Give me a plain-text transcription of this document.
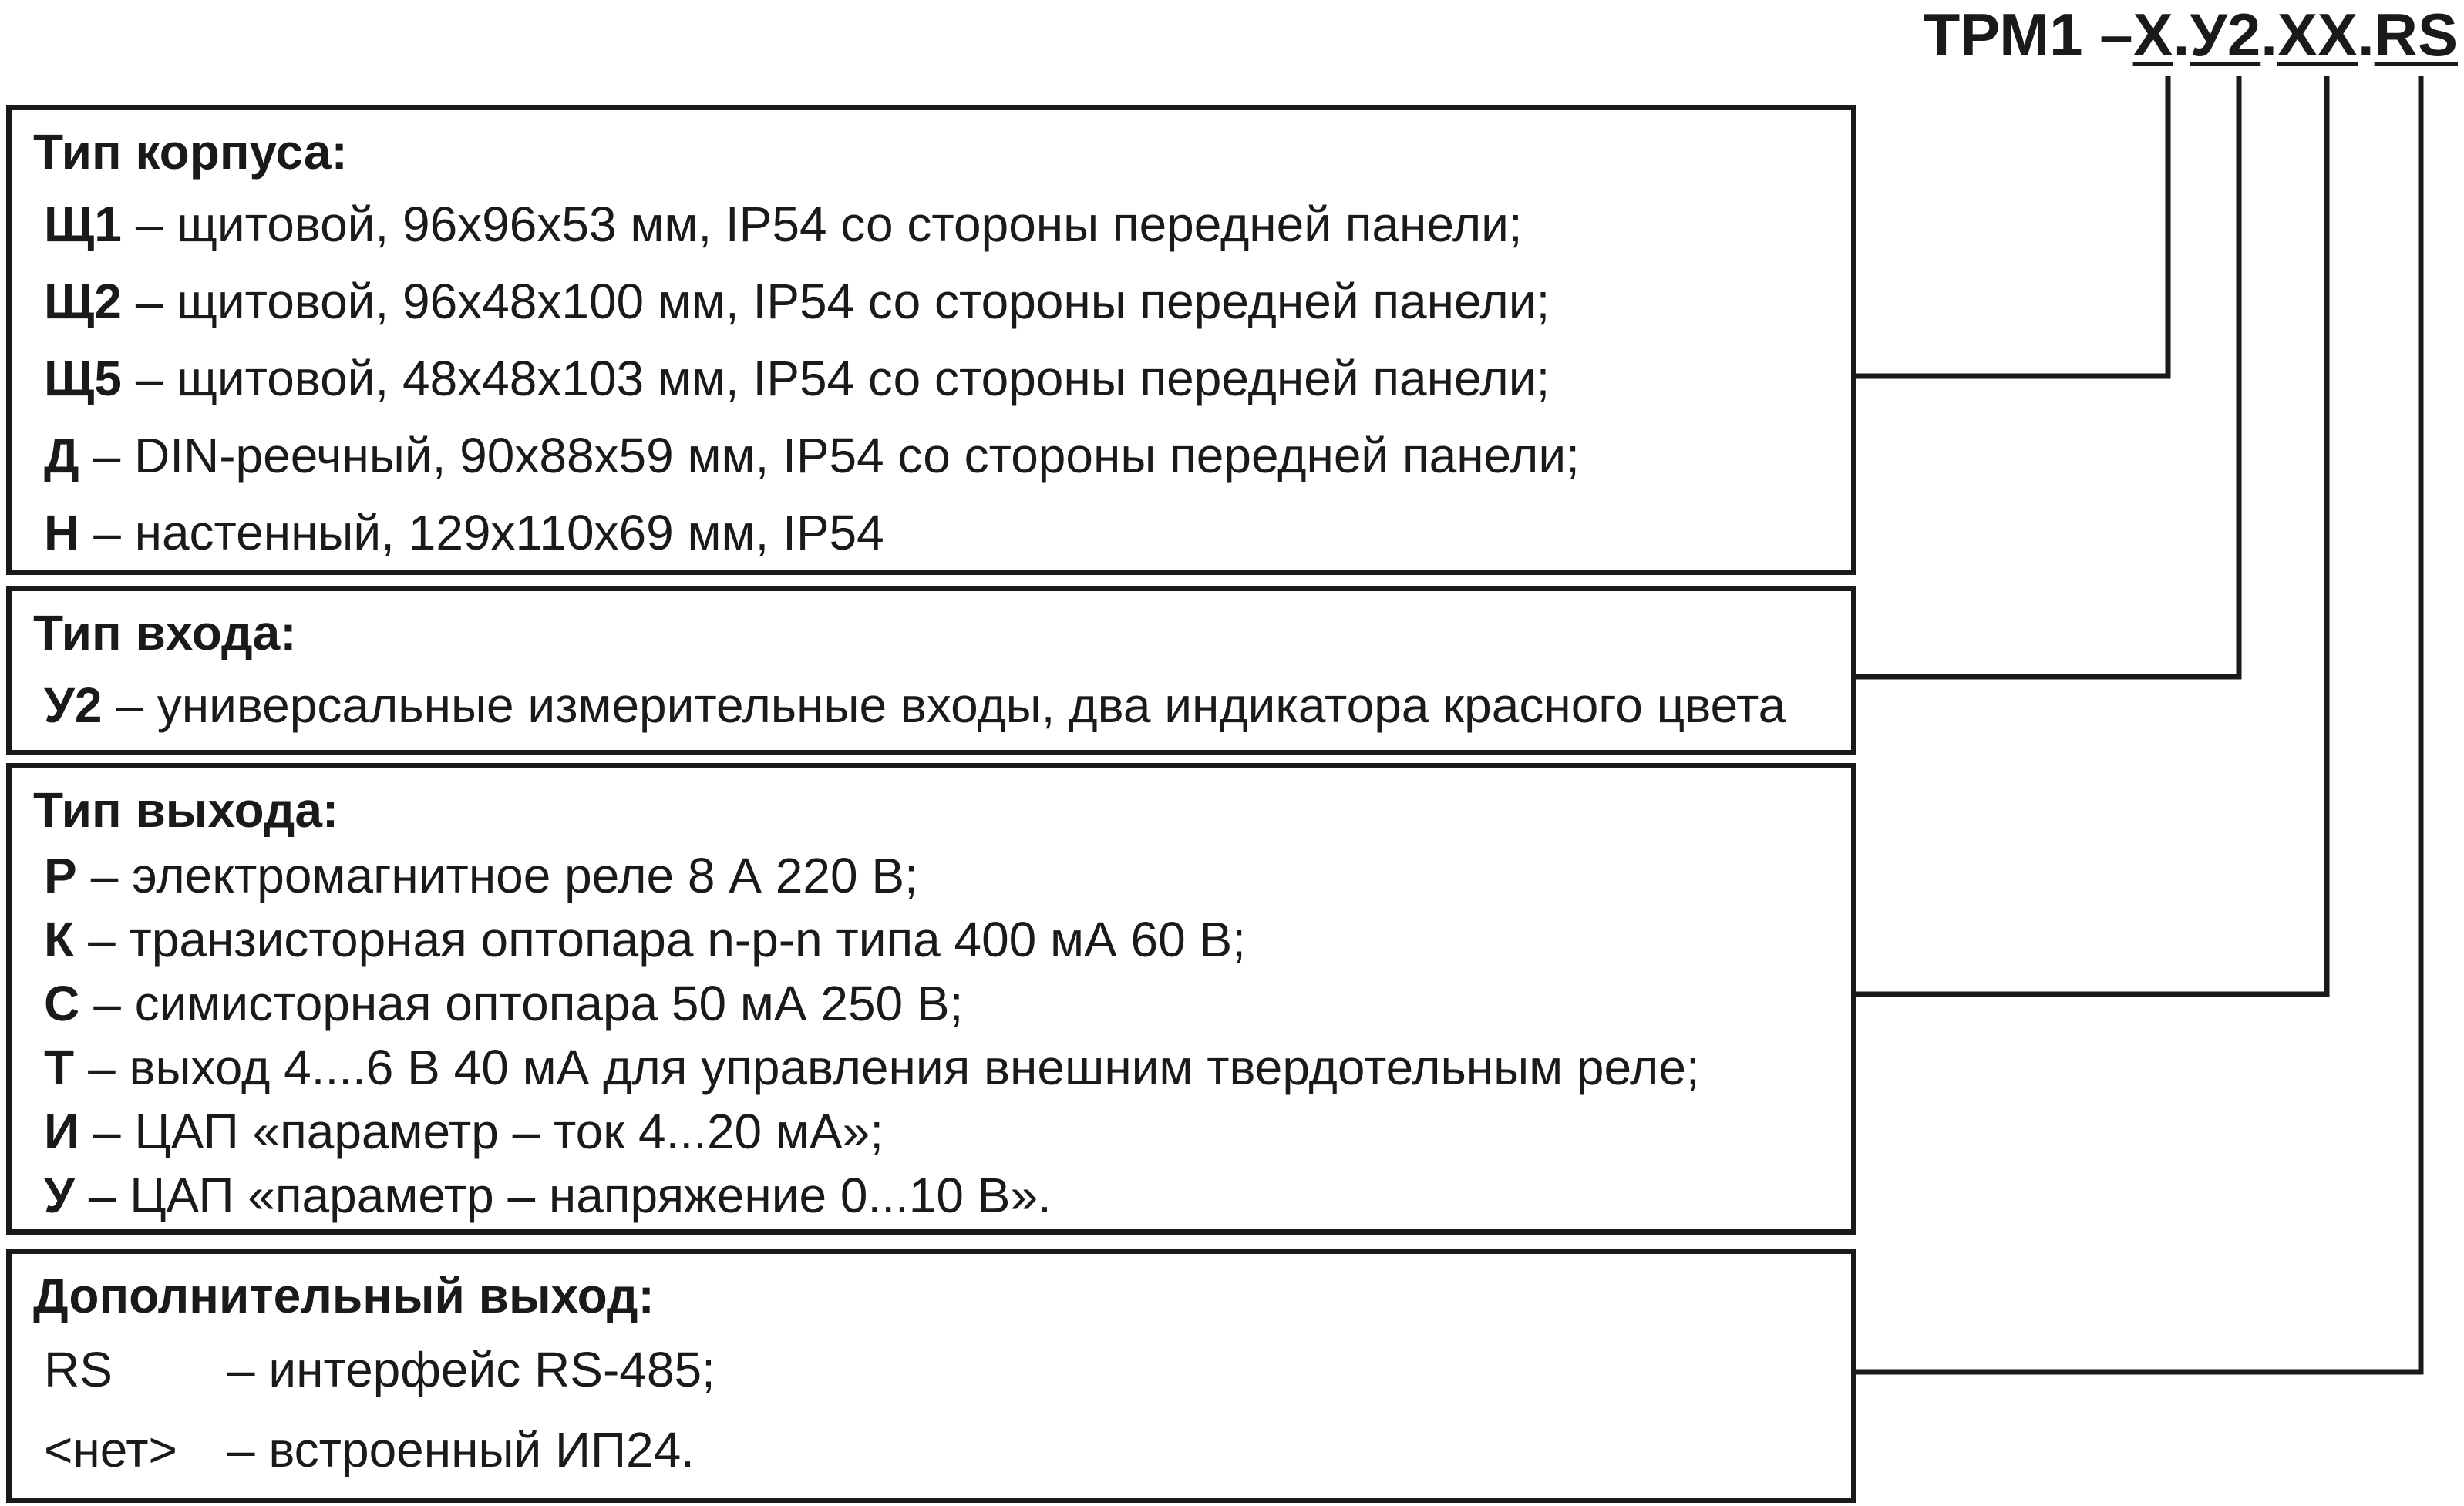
ТРМ1 –Х.У2.ХХ.RS
Тип корпуса:
Щ1 – щитовой, 96х96х53 мм, IP54 со стороны передней панели;
Щ2 – щитовой, 96х48х100 мм, IP54 со стороны передней панели;
Щ5 – щитовой, 48х48х103 мм, IP54 со стороны передней панели;
Д – DIN-реечный, 90х88х59 мм, IP54 со стороны передней панели;
Н – настенный, 129х110х69 мм, IP54
Тип входа:
У2 – универсальные измерительные входы, два индикатора красного цвета
Тип выхода:
Р – электромагнитное реле 8 А 220 В;
К – транзисторная оптопара n-p-n типа 400 мА 60 В;
С – симисторная оптопара 50 мА 250 В;
Т – выход 4....6 В 40 мА для управления внешним твердотельным реле;
И – ЦАП «параметр – ток 4...20 мА»;
У – ЦАП «параметр – напряжение 0...10 В».
Дополнительный выход:
RS	– интерфейс RS-485;
<нет>	– встроенный ИП24.
